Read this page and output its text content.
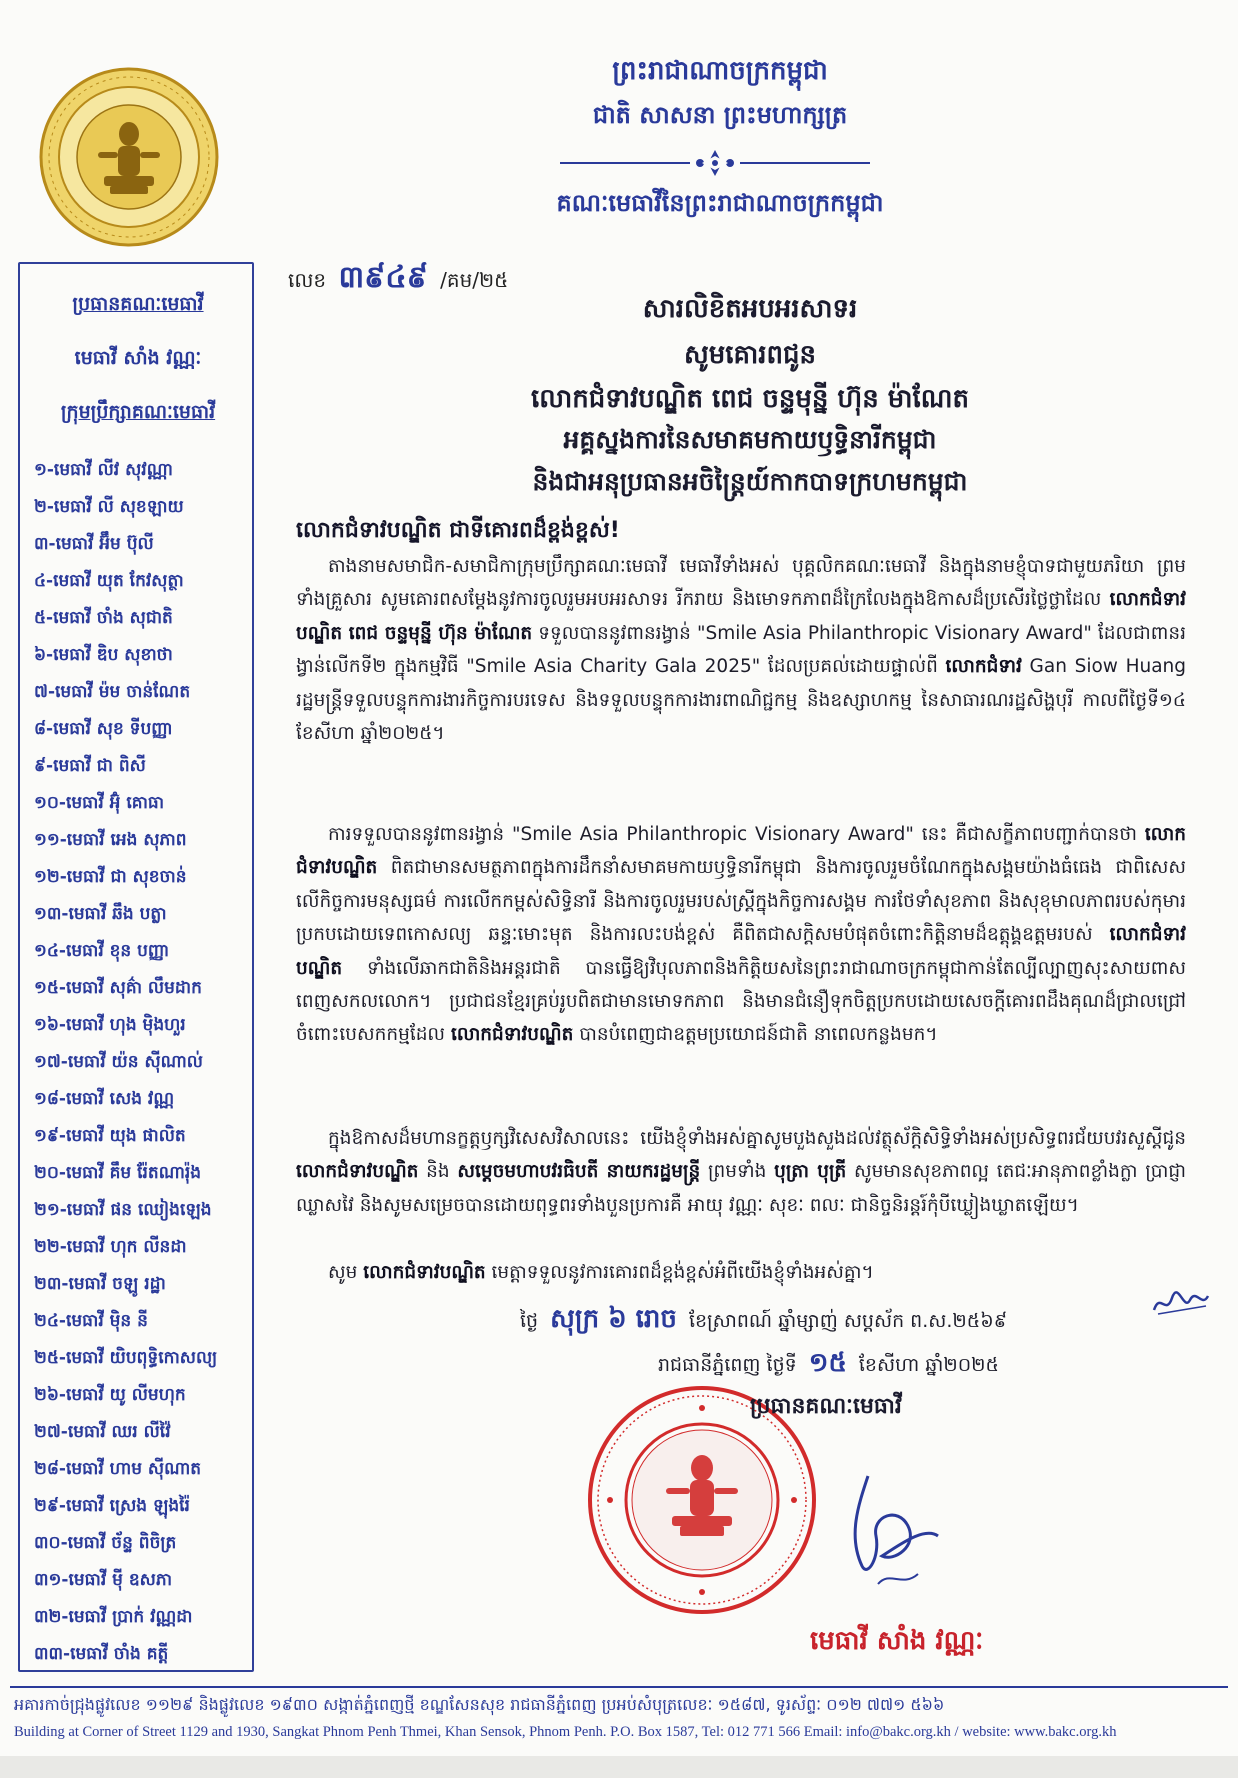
ព្រះរាជាណាចក្រកម្ពុជា
ជាតិ សាសនា ព្រះមហាក្សត្រ
គណៈមេធាវីនៃព្រះរាជាណាចក្រកម្ពុជា
ប្រធានគណៈមេធាវី
មេធាវី សាំង វណ្ណៈ
ក្រុមប្រឹក្សាគណៈមេធាវី
១-មេធាវី លីវ សុវណ្ណា
២-មេធាវី លី សុខឡាយ
៣-មេធាវី អ៊ឹម ប៊ុលី
៤-មេធាវី យុត កែវសុត្ថា
៥-មេធាវី ចាំង សុជាតិ
៦-មេធាវី ឌិប សុខាថា
៧-មេធាវី ម៉ម ចាន់ណែត
៨-មេធាវី សុខ ទីបញ្ញា
៩-មេធាវី ជា ពិសី
១០-មេធាវី អ៊ុំ គោធា
១១-មេធាវី អេង សុភាព
១២-មេធាវី ជា សុខចាន់
១៣-មេធាវី ឆឹង បត្លា
១៤-មេធាវី ខុន បញ្ញា
១៥-មេធាវី សុគ៌ា លឹមដាក
១៦-មេធាវី ហុង ម៉ិងហួរ
១៧-មេធាវី យ៉ន ស៊ីណាល់
១៨-មេធាវី សេង វណ្ណ
១៩-មេធាវី យុង ផាលិត
២០-មេធាវី គឹម រ៉ែតណារ៉ុង
២១-មេធាវី ផន ឈៀងឡេង
២២-មេធាវី ហុក លីនដា
២៣-មេធាវី ចឡូ រដ្ឋា
២៤-មេធាវី ម៉ិន នី
២៥-មេធាវី យិបពុទ្ធិកោសល្យ
២៦-មេធាវី យូ លីមហុក
២៧-មេធាវី ឈរ លីវ៉ៃ
២៨-មេធាវី ហាម ស៊ីណាត
២៩-មេធាវី ស្រេង ឡុងរ៉ៃ
៣០-មេធាវី ច័ន្ទ ពិចិត្រ
៣១-មេធាវី មុី ឧសភា
៣២-មេធាវី ប្រាក់ វណ្ណដា
៣៣-មេធាវី ចាំង គត្តី
លេខ ៣៩៤៩ /គម/២៥
សារលិខិតអបអរសាទរ
សូមគោរពជូន
លោកជំទាវបណ្ឌិត ពេជ ចន្ទមុន្នី ហ៊ុន ម៉ាណែត
អគ្គស្នងការនៃសមាគមកាយឫទ្ធិនារីកម្ពុជា
និងជាអនុប្រធានអចិន្ត្រៃយ៍កាកបាទក្រហមកម្ពុជា
លោកជំទាវបណ្ឌិត ជាទីគោរពដ៏ខ្ពង់ខ្ពស់!
តាងនាមសមាជិក-សមាជិកាក្រុមប្រឹក្សាគណៈមេធាវី មេធាវីទាំងអស់ បុគ្គលិកគណៈមេធាវី និងក្នុងនាមខ្ញុំបាទជាមួយភរិយា ព្រមទាំងគ្រួសារ សូមគោរពសម្តែងនូវការចូលរួមអបអរសាទរ រីករាយ និងមោទកភាពដ៏ក្រៃលែងក្នុងឱកាសដ៏ប្រសើរថ្លៃថ្លាដែល លោកជំទាវបណ្ឌិត ពេជ ចន្ទមុន្នី ហ៊ុន ម៉ាណែត ទទួលបាននូវពានរង្វាន់ "Smile Asia Philanthropic Visionary Award" ដែលជាពានរង្វាន់លើកទី២ ក្នុងកម្មវិធី "Smile Asia Charity Gala 2025" ដែលប្រគល់ដោយផ្ទាល់ពី លោកជំទាវ Gan Siow Huang រដ្ឋមន្ត្រីទទួលបន្ទុកការងារកិច្ចការបរទេស និងទទួលបន្ទុកការងារពាណិជ្ជកម្ម និងឧស្សាហកម្ម នៃសាធារណរដ្ឋសិង្ហបុរី កាលពីថ្ងៃទី១៤ ខែសីហា ឆ្នាំ២០២៥។
ការទទួលបាននូវពានរង្វាន់ "Smile Asia Philanthropic Visionary Award" នេះ គឺជាសក្ខីភាពបញ្ជាក់បានថា លោកជំទាវបណ្ឌិត ពិតជាមានសមត្ថភាពក្នុងការដឹកនាំសមាគមកាយឫទ្ធិនារីកម្ពុជា និងការចូលរួមចំណែកក្នុងសង្គមយ៉ាងធំធេង ជាពិសេសលើកិច្ចការមនុស្សធម៌ ការលើកកម្ពស់សិទ្ធិនារី និងការចូលរួមរបស់ស្ត្រីក្នុងកិច្ចការសង្គម ការថែទាំសុខភាព និងសុខុមាលភាពរបស់កុមារ ប្រកបដោយទេពកោសល្យ ឆន្ទៈមោះមុត និងការលះបង់ខ្ពស់ គឺពិតជាសក្តិសមបំផុតចំពោះកិត្តិនាមដ៏ឧត្តុង្គឧត្តមរបស់ លោកជំទាវបណ្ឌិត ទាំងលើឆាកជាតិនិងអន្តរជាតិ បានធ្វើឱ្យវិបុលភាពនិងកិត្តិយសនៃព្រះរាជាណាចក្រកម្ពុជាកាន់តែល្បីល្បាញសុះសាយពាសពេញសកលលោក។ ប្រជាជនខ្មែរគ្រប់រូបពិតជាមានមោទកភាព និងមានជំនឿទុកចិត្តប្រកបដោយសេចក្តីគោរពដឹងគុណដ៏ជ្រាលជ្រៅ ចំពោះបេសកកម្មដែល លោកជំទាវបណ្ឌិត បានបំពេញជាឧត្តមប្រយោជន៍ជាតិ នាពេលកន្លងមក។
ក្នុងឱកាសដ៏មហានក្ខត្តឫក្សវិសេសវិសាលនេះ យើងខ្ញុំទាំងអស់គ្នាសូមបួងសួងដល់វត្ថុស័ក្តិសិទ្ធិទាំងអស់ប្រសិទ្ធពរជ័យបវរសួស្តីជូន លោកជំទាវបណ្ឌិត និង សម្តេចមហាបវរធិបតី នាយករដ្ឋមន្ត្រី ព្រមទាំង បុត្រា បុត្រី សូមមានសុខភាពល្អ តេជៈអានុភាពខ្លាំងក្លា ប្រាជ្ញាឈ្លាសវៃ និងសូមសម្រេចបានដោយពុទ្ធពរទាំងបួនប្រការគឺ អាយុ វណ្ណៈ សុខៈ ពលៈ ជានិច្ចនិរន្តរ៍កុំបីឃ្លៀងឃ្លាតឡើយ។
សូម លោកជំទាវបណ្ឌិត មេត្តាទទួលនូវការគោរពដ៏ខ្ពង់ខ្ពស់អំពីយើងខ្ញុំទាំងអស់គ្នា។
ថ្ងៃ សុក្រ ៦ រោច ខែស្រាពណ៍ ឆ្នាំម្សាញ់ សប្តស័ក ព.ស.២៥៦៩
រាជធានីភ្នំពេញ ថ្ងៃទី ១៥ ខែសីហា ឆ្នាំ២០២៥
ប្រធានគណៈមេធាវី
មេធាវី សាំង វណ្ណៈ
អគារកាច់ជ្រុងផ្លូវលេខ ១១២៩ និងផ្លូវលេខ ១៩៣០ សង្កាត់ភ្នំពេញថ្មី ខណ្ឌសែនសុខ រាជធានីភ្នំពេញ ប្រអប់សំបុត្រលេខៈ ១៥៨៧, ទូរស័ព្ទៈ ០១២ ៧៧១ ៥៦៦
Building at Corner of Street 1129 and 1930, Sangkat Phnom Penh Thmei, Khan Sensok, Phnom Penh. P.O. Box 1587, Tel: 012 771 566 Email: info@bakc.org.kh / website: www.bakc.org.kh
